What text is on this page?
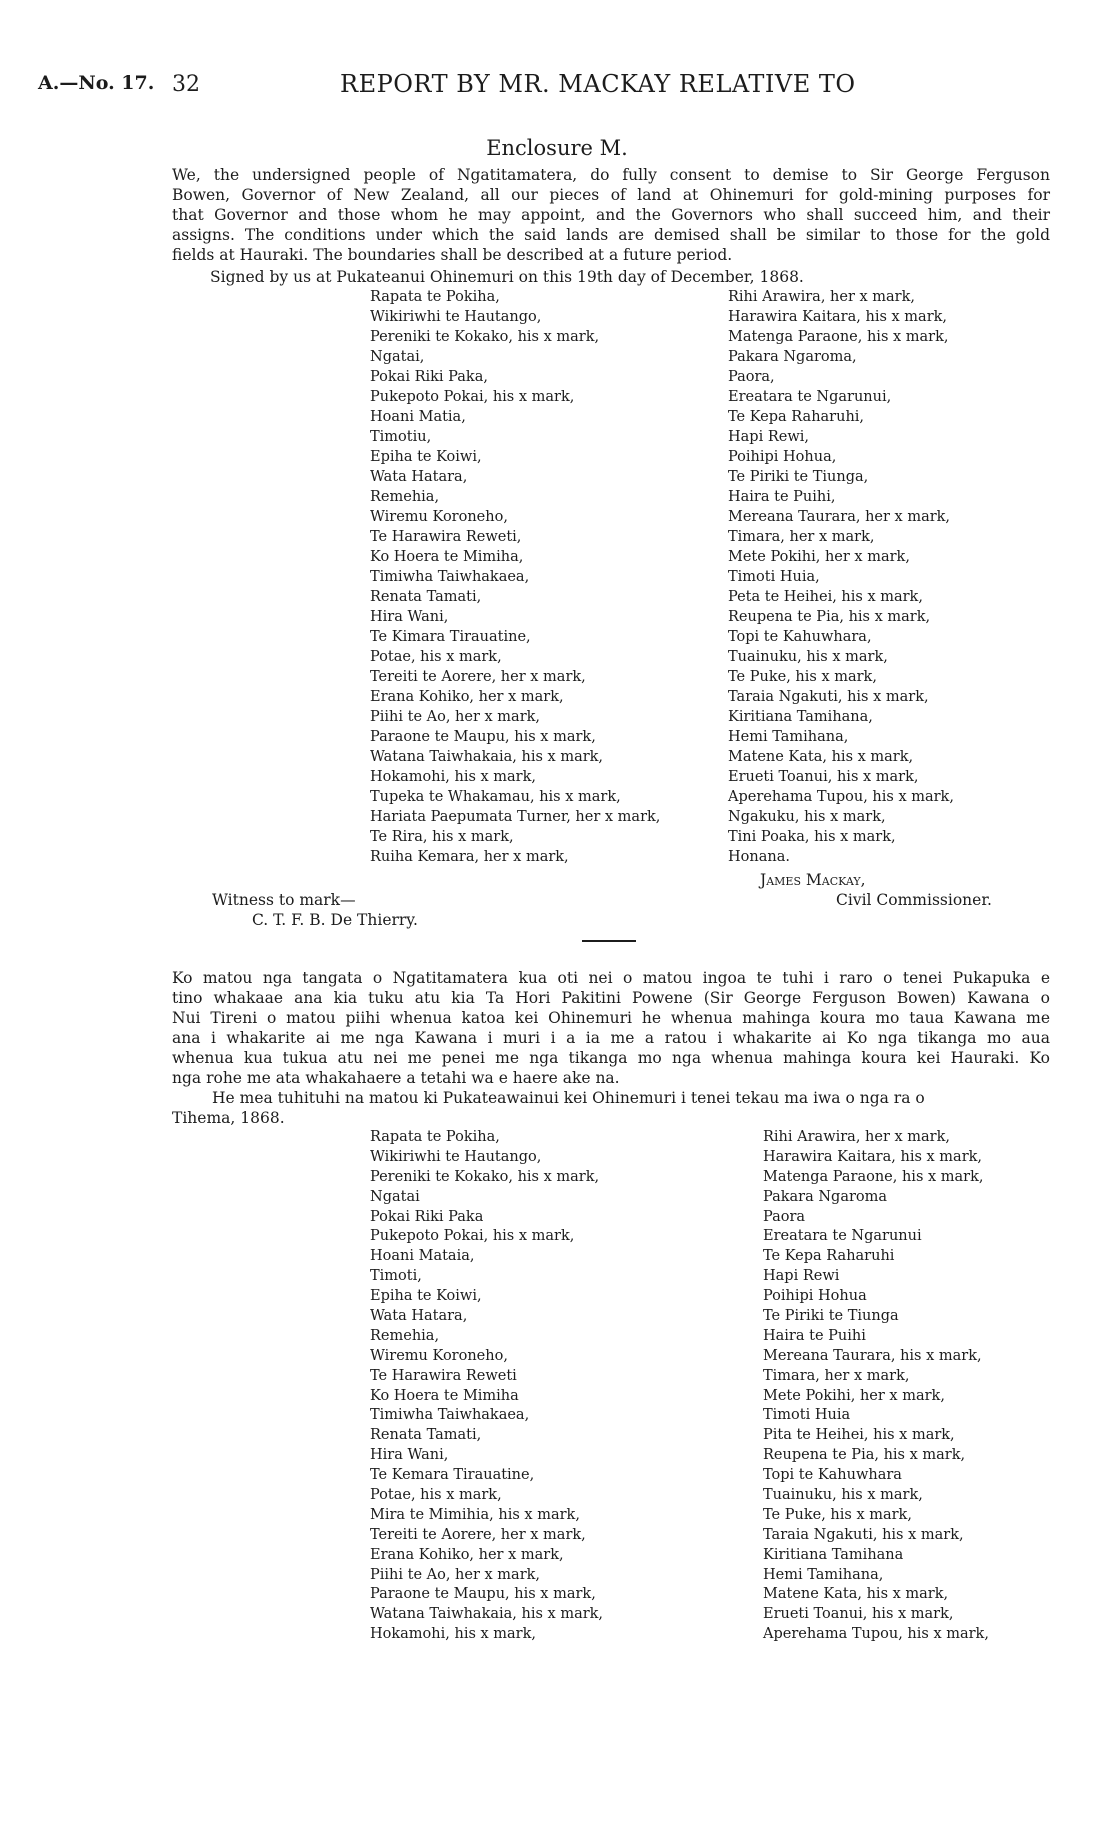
A.—No. 17. 32	REPORT BY MR. MACKAY RELATIVE TO
Enclosure M.
We, the undersigned people of Ngatitamatera, do fully consent to demise to Sir George Ferguson
Bowen, Governor of New Zealand, all our pieces of land at Ohinemuri for gold-mining purposes for
that Governor and those whom he may appoint, and the Governors who shall succeed him, and their
assigns. The conditions under which the said lands are demised shall be similar to those for the gold
fields at Hauraki. The boundaries shall be described at a future period.
Signed by us at Pukateanui Ohinemuri on this 19th day of December, 1868.
Rapata te Pokiha,
Wikiriwhi te Hautango,
Pereniki te Kokako, his x mark,
Ngatai,
Pokai Riki Paka,
Pukepoto Pokai, his x mark,
Hoani Matia,
Timotiu,
Epiha te Koiwi,
Wata Hatara,
Remehia,
Wiremu Koroneho,
Te Harawira Reweti,
Ko Hoera te Mimiha,
Timiwha Taiwhakaea,
Renata Tamati,
Hira Wani,
Te Kimara Tirauatine,
Potae, his x mark,
Tereiti te Aorere, her x mark,
Erana Kohiko, her x mark,
Piihi te Ao, her x mark,
Paraone te Maupu, his x mark,
Watana Taiwhakaia, his x mark,
Hokamohi, his x mark,
Tupeka te Whakamau, his x mark,
Hariata Paepumata Turner, her x mark,
Te Rira, his x mark,
Ruiha Kemara, her x mark,
Rihi Arawira, her x mark,
Harawira Kaitara, his x mark,
Matenga Paraone, his x mark,
Pakara Ngaroma,
Paora,
Ereatara te Ngarunui,
Te Kepa Raharuhi,
Hapi Rewi,
Poihipi Hohua,
Te Piriki te Tiunga,
Haira te Puihi,
Mereana Taurara, her x mark,
Timara, her x mark,
Mete Pokihi, her x mark,
Timoti Huia,
Peta te Heihei, his x mark,
Reupena te Pia, his x mark,
Topi te Kahuwhara,
Tuainuku, his x mark,
Te Puke, his x mark,
Taraia Ngakuti, his x mark,
Kiritiana Tamihana,
Hemi Tamihana,
Matene Kata, his x mark,
Erueti Toanui, his x mark,
Aperehama Tupou, his x mark,
Ngakuku, his x mark,
Tini Poaka, his x mark,
Honana.
James Mackay,
Witness to mark—	Civil Commissioner.
C. T. F. B. De Thierry.
Ko matou nga tangata o Ngatitamatera kua oti nei o matou ingoa te tuhi i raro o tenei Pukapuka e
tino whakaae ana kia tuku atu kia Ta Hori Pakitini Powene (Sir George Ferguson Bowen) Kawana o
Nui Tireni o matou piihi whenua katoa kei Ohinemuri he whenua mahinga koura mo taua Kawana me
ana i whakarite ai me nga Kawana i muri i a ia me a ratou i whakarite ai Ko nga tikanga mo aua
whenua kua tukua atu nei me penei me nga tikanga mo nga whenua mahinga koura kei Hauraki. Ko
nga rohe me ata whakahaere a tetahi wa e haere ake na.
He mea tuhituhi na matou ki Pukateawainui kei Ohinemuri i tenei tekau ma iwa o nga ra o
Tihema, 1868.
Rapata te Pokiha,
Wikiriwhi te Hautango,
Pereniki te Kokako, his x mark,
Ngatai
Pokai Riki Paka
Pukepoto Pokai, his x mark,
Hoani Mataia,
Timoti,
Epiha te Koiwi,
Wata Hatara,
Remehia,
Wiremu Koroneho,
Te Harawira Reweti
Ko Hoera te Mimiha
Timiwha Taiwhakaea,
Renata Tamati,
Hira Wani,
Te Kemara Tirauatine,
Potae, his x mark,
Mira te Mimihia, his x mark,
Tereiti te Aorere, her x mark,
Erana Kohiko, her x mark,
Piihi te Ao, her x mark,
Paraone te Maupu, his x mark,
Watana Taiwhakaia, his x mark,
Hokamohi, his x mark,
Rihi Arawira, her x mark,
Harawira Kaitara, his x mark,
Matenga Paraone, his x mark,
Pakara Ngaroma
Paora
Ereatara te Ngarunui
Te Kepa Raharuhi
Hapi Rewi
Poihipi Hohua
Te Piriki te Tiunga
Haira te Puihi
Mereana Taurara, his x mark,
Timara, her x mark,
Mete Pokihi, her x mark,
Timoti Huia
Pita te Heihei, his x mark,
Reupena te Pia, his x mark,
Topi te Kahuwhara
Tuainuku, his x mark,
Te Puke, his x mark,
Taraia Ngakuti, his x mark,
Kiritiana Tamihana
Hemi Tamihana,
Matene Kata, his x mark,
Erueti Toanui, his x mark,
Aperehama Tupou, his x mark,
